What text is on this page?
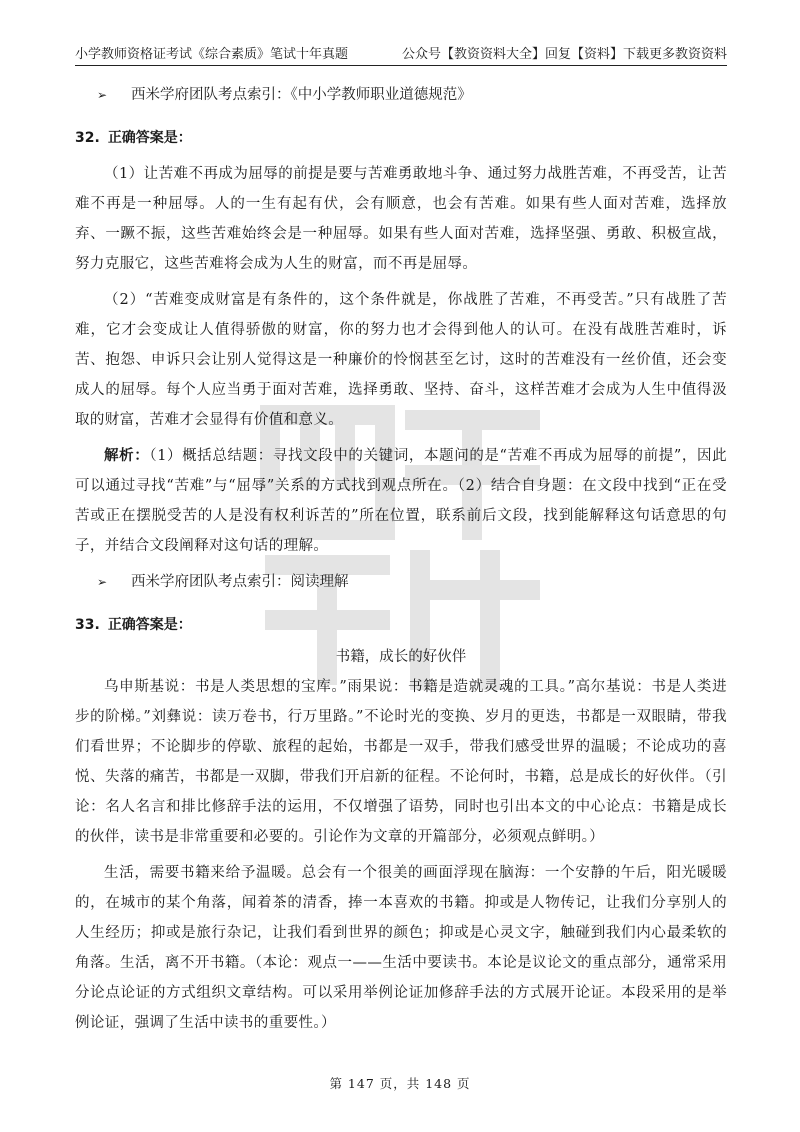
小学教师资格证考试《综合素质》笔试十年真题	公众号【教资资料大全】回复【资料】下载更多教资资料
➢	西米学府团队考点索引：《中小学教师职业道德规范》
32. 正确答案是：

（1）让苦难不再成为屈辱的前提是要与苦难勇敢地斗争、通过努力战胜苦难，不再受苦，让苦难不再是一种屈辱。人的一生有起有伏，会有顺意，也会有苦难。如果有些人面对苦难，选择放弃、一蹶不振，这些苦难始终会是一种屈辱。如果有些人面对苦难，选择坚强、勇敢、积极宣战，努力克服它，这些苦难将会成为人生的财富，而不再是屈辱。

（2）“苦难变成财富是有条件的，这个条件就是，你战胜了苦难，不再受苦。”只有战胜了苦难，它才会变成让人值得骄傲的财富，你的努力也才会得到他人的认可。在没有战胜苦难时，诉苦、抱怨、申诉只会让别人觉得这是一种廉价的怜悯甚至乞讨，这时的苦难没有一丝价值，还会变成人的屈辱。每个人应当勇于面对苦难，选择勇敢、坚持、奋斗，这样苦难才会成为人生中值得汲取的财富，苦难才会显得有价值和意义。

解析：（1）概括总结题：寻找文段中的关键词，本题问的是“苦难不再成为屈辱的前提”，因此可以通过寻找“苦难”与“屈辱”关系的方式找到观点所在。（2）结合自身题：在文段中找到“正在受苦或正在摆脱受苦的人是没有权利诉苦的”所在位置，联系前后文段，找到能解释这句话意思的句子，并结合文段阐释对这句话的理解。

➢	西米学府团队考点索引：阅读理解
33. 正确答案是：
书籍，成长的好伙伴

乌申斯基说：书是人类思想的宝库。”雨果说：书籍是造就灵魂的工具。”高尔基说：书是人类进步的阶梯。”刘彝说：读万卷书，行万里路。”不论时光的变换、岁月的更迭，书都是一双眼睛，带我们看世界；不论脚步的停歇、旅程的起始，书都是一双手，带我们感受世界的温暖；不论成功的喜悦、失落的痛苦，书都是一双脚，带我们开启新的征程。不论何时，书籍，总是成长的好伙伴。（引论：名人名言和排比修辞手法的运用，不仅增强了语势，同时也引出本文的中心论点：书籍是成长的伙伴，读书是非常重要和必要的。引论作为文章的开篇部分，必须观点鲜明。）

生活，需要书籍来给予温暖。总会有一个很美的画面浮现在脑海：一个安静的午后，阳光暖暖的，在城市的某个角落，闻着茶的清香，捧一本喜欢的书籍。抑或是人物传记，让我们分享别人的人生经历；抑或是旅行杂记，让我们看到世界的颜色；抑或是心灵文字，触碰到我们内心最柔软的角落。生活，离不开书籍。（本论：观点一——生活中要读书。本论是议论文的重点部分，通常采用分论点论证的方式组织文章结构。可以采用举例论证加修辞手法的方式展开论证。本段采用的是举例论证，强调了生活中读书的重要性。）

第 147 页，共 148 页
